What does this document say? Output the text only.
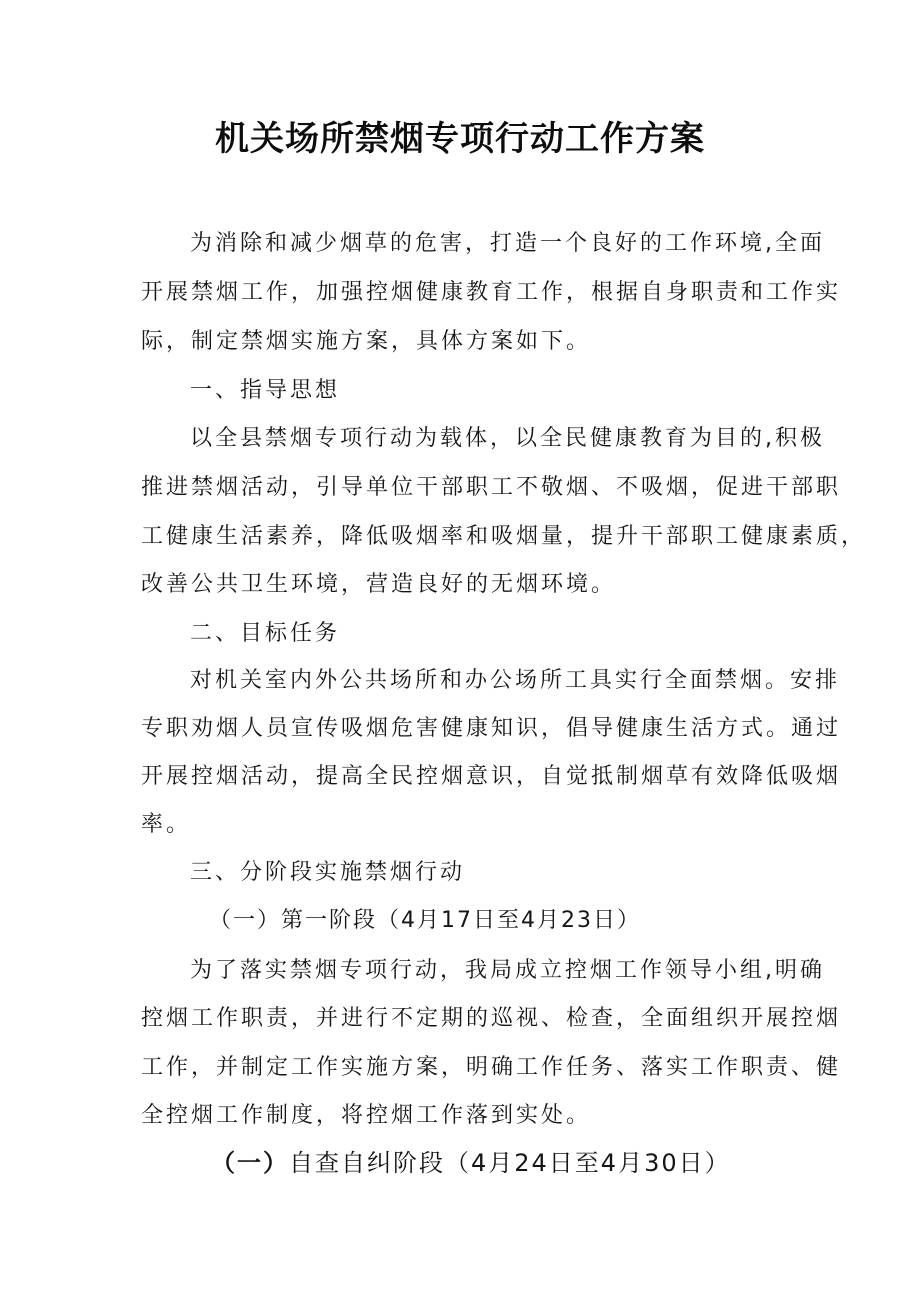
机关场所禁烟专项行动工作方案
为消除和减少烟草的危害，打造一个良好的工作环境,全面
开展禁烟工作，加强控烟健康教育工作，根据自身职责和工作实
际，制定禁烟实施方案，具体方案如下。
一、指导思想
以全县禁烟专项行动为载体，以全民健康教育为目的,积极
推进禁烟活动，引导单位干部职工不敬烟、不吸烟，促进干部职
工健康生活素养，降低吸烟率和吸烟量，提升干部职工健康素质，
改善公共卫生环境，营造良好的无烟环境。
二、目标任务
对机关室内外公共场所和办公场所工具实行全面禁烟。安排
专职劝烟人员宣传吸烟危害健康知识，倡导健康生活方式。通过
开展控烟活动，提高全民控烟意识，自觉抵制烟草有效降低吸烟
率。
三、分阶段实施禁烟行动
（一）第一阶段（4月17日至4月23日）
为了落实禁烟专项行动，我局成立控烟工作领导小组,明确
控烟工作职责，并进行不定期的巡视、检查，全面组织开展控烟
工作，并制定工作实施方案，明确工作任务、落实工作职责、健
全控烟工作制度，将控烟工作落到实处。
（一）自查自纠阶段（4月24日至4月30日）
